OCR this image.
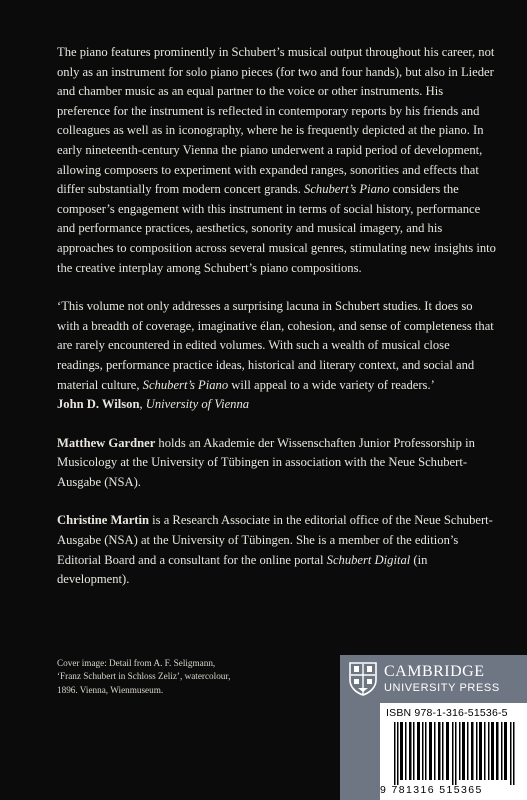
The piano features prominently in Schubert’s musical output throughout his career, not only as an instrument for solo piano pieces (for two and four hands), but also in Lieder and chamber music as an equal partner to the voice or other instruments. His preference for the instrument is reflected in contemporary reports by his friends and colleagues as well as in iconography, where he is frequently depicted at the piano. In early nineteenth-century Vienna the piano underwent a rapid period of development, allowing composers to experiment with expanded ranges, sonorities and effects that differ substantially from modern concert grands. Schubert’s Piano considers the composer’s engagement with this instrument in terms of social history, performance and performance practices, aesthetics, sonority and musical imagery, and his approaches to composition across several musical genres, stimulating new insights into the creative interplay among Schubert’s piano compositions.

‘This volume not only addresses a surprising lacuna in Schubert studies. It does so with a breadth of coverage, imaginative élan, cohesion, and sense of completeness that are rarely encountered in edited volumes. With such a wealth of musical close readings, performance practice ideas, historical and literary context, and social and material culture, Schubert’s Piano will appeal to a wide variety of readers.’
John D. Wilson, University of Vienna

Matthew Gardner holds an Akademie der Wissenschaften Junior Professorship in Musicology at the University of Tübingen in association with the Neue Schubert-Ausgabe (NSA).

Christine Martin is a Research Associate in the editorial office of the Neue Schubert-Ausgabe (NSA) at the University of Tübingen. She is a member of the edition’s Editorial Board and a consultant for the online portal Schubert Digital (in development).

Cover image: Detail from A. F. Seligmann,
‘Franz Schubert in Schloss Zeliz’, watercolour,
1896. Vienna, Wienmuseum.
CAMBRIDGE
UNIVERSITY PRESS
ISBN 978-1-316-51536-5
9 781316 515365
